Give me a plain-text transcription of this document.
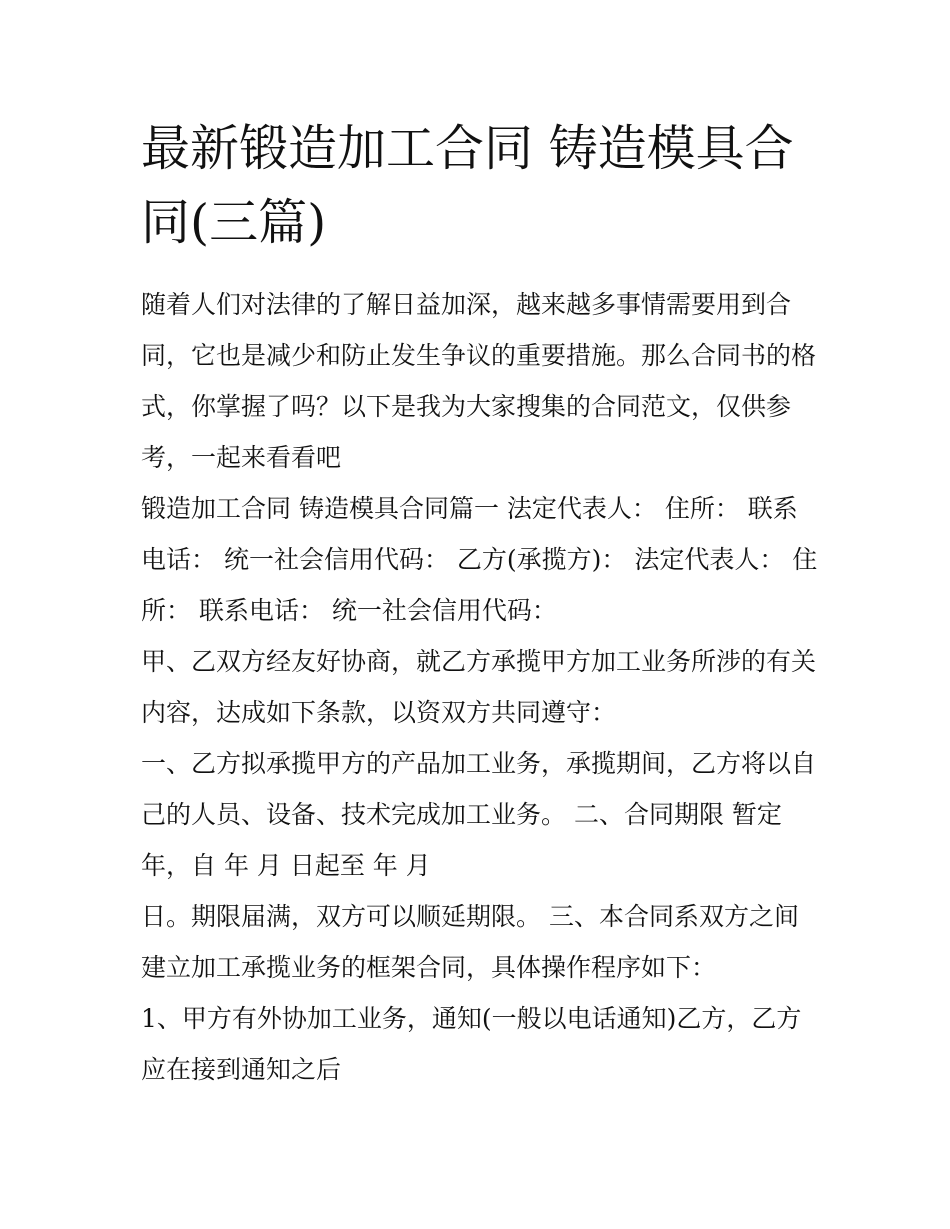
最新锻造加工合同 铸造模具合
同(三篇)

随着人们对法律的了解日益加深，越来越多事情需要用到合
同，它也是减少和防止发生争议的重要措施。那么合同书的格
式，你掌握了吗？以下是我为大家搜集的合同范文，仅供参
考，一起来看看吧

锻造加工合同 铸造模具合同篇一 法定代表人： 住所： 联系
电话： 统一社会信用代码： 乙方(承揽方)： 法定代表人： 住
所： 联系电话： 统一社会信用代码：

甲、乙双方经友好协商，就乙方承揽甲方加工业务所涉的有关
内容，达成如下条款，以资双方共同遵守：

一、乙方拟承揽甲方的产品加工业务，承揽期间，乙方将以自
己的人员、设备、技术完成加工业务。 二、合同期限 暂定
年，自 年 月 日起至 年 月

日。期限届满，双方可以顺延期限。 三、本合同系双方之间
建立加工承揽业务的框架合同，具体操作程序如下：

1、甲方有外协加工业务，通知(一般以电话通知)乙方，乙方
应在接到通知之后
